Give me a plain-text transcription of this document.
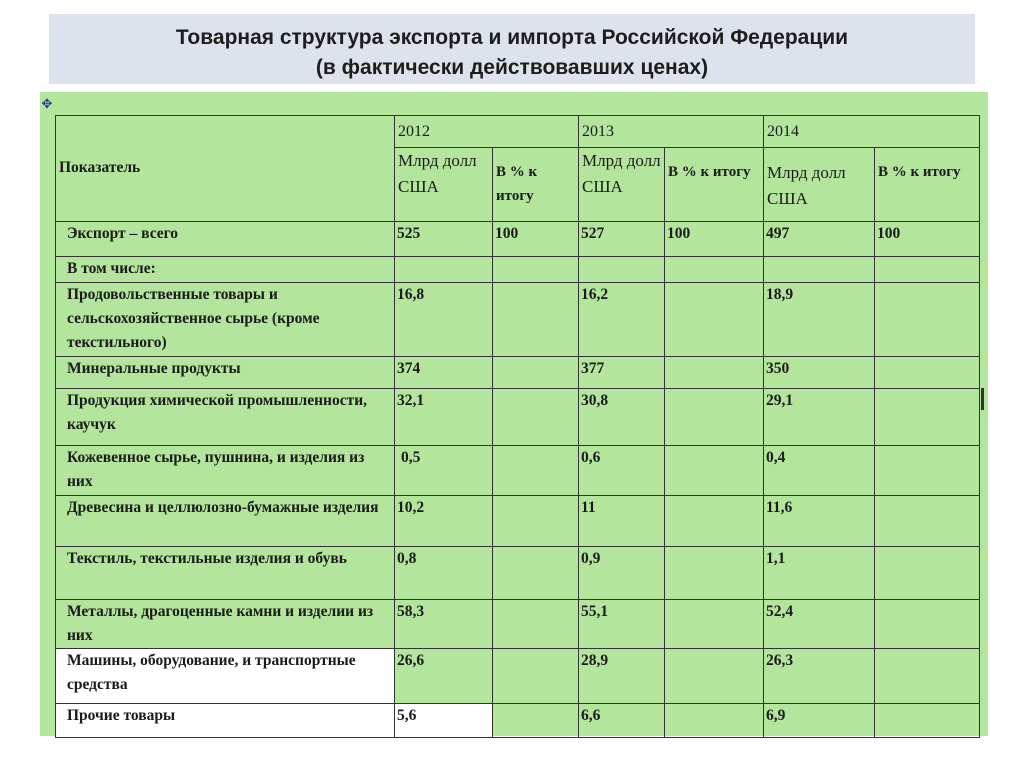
Товарная структура экспорта и импорта Российской Федерации
(в фактически действовавших ценах)
✥
Показатель	2012		2013		2014	

	Млрд долл США	В % к итогу	Млрд долл США	В % к итогу	Млрд долл США	В % к итогу

Экспорт – всего	525	100	527	100	497	100
В том числе:						
Продовольственные товары и сельскохозяйственное сырье (кроме текстильного)	16,8		16,2		18,9	
Минеральные продукты	374		377		350	
Продукция химической промышленности, каучук	32,1		30,8		29,1	
Кожевенное сырье, пушнина, и изделия из них	0,5		0,6		0,4	
Древесина и целлюлозно-бумажные изделия	10,2		11		11,6	
Текстиль, текстильные изделия и обувь	0,8		0,9		1,1	
Металлы, драгоценные камни и изделии из них	58,3		55,1		52,4	
Машины, оборудование, и транспортные средства	26,6		28,9		26,3	
Прочие товары	5,6		6,6		6,9	
